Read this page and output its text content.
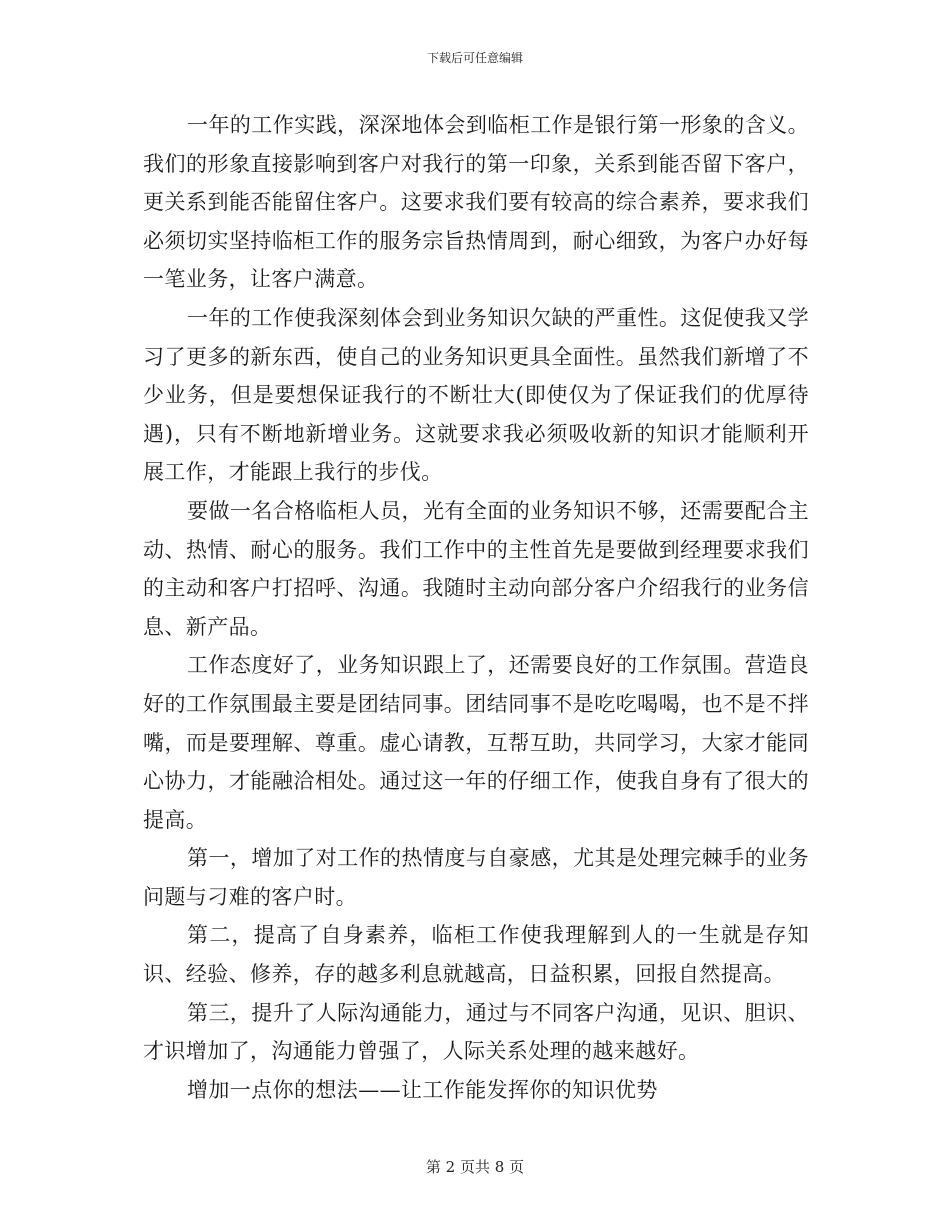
下载后可任意编辑

一年的工作实践，深深地体会到临柜工作是银行第一形象的含义。我们的形象直接影响到客户对我行的第一印象，关系到能否留下客户，更关系到能否能留住客户。这要求我们要有较高的综合素养，要求我们必须切实坚持临柜工作的服务宗旨热情周到，耐心细致，为客户办好每一笔业务，让客户满意。

一年的工作使我深刻体会到业务知识欠缺的严重性。这促使我又学习了更多的新东西，使自己的业务知识更具全面性。虽然我们新增了不少业务，但是要想保证我行的不断壮大(即使仅为了保证我们的优厚待遇)，只有不断地新增业务。这就要求我必须吸收新的知识才能顺利开展工作，才能跟上我行的步伐。

要做一名合格临柜人员，光有全面的业务知识不够，还需要配合主动、热情、耐心的服务。我们工作中的主性首先是要做到经理要求我们的主动和客户打招呼、沟通。我随时主动向部分客户介绍我行的业务信息、新产品。

工作态度好了，业务知识跟上了，还需要良好的工作氛围。营造良好的工作氛围最主要是团结同事。团结同事不是吃吃喝喝，也不是不拌嘴，而是要理解、尊重。虚心请教，互帮互助，共同学习，大家才能同心协力，才能融洽相处。通过这一年的仔细工作，使我自身有了很大的提高。

第一，增加了对工作的热情度与自豪感，尤其是处理完棘手的业务问题与刁难的客户时。

第二，提高了自身素养，临柜工作使我理解到人的一生就是存知识、经验、修养，存的越多利息就越高，日益积累，回报自然提高。

第三，提升了人际沟通能力，通过与不同客户沟通，见识、胆识、才识增加了，沟通能力曾强了，人际关系处理的越来越好。

增加一点你的想法——让工作能发挥你的知识优势

第 2 页共 8 页
